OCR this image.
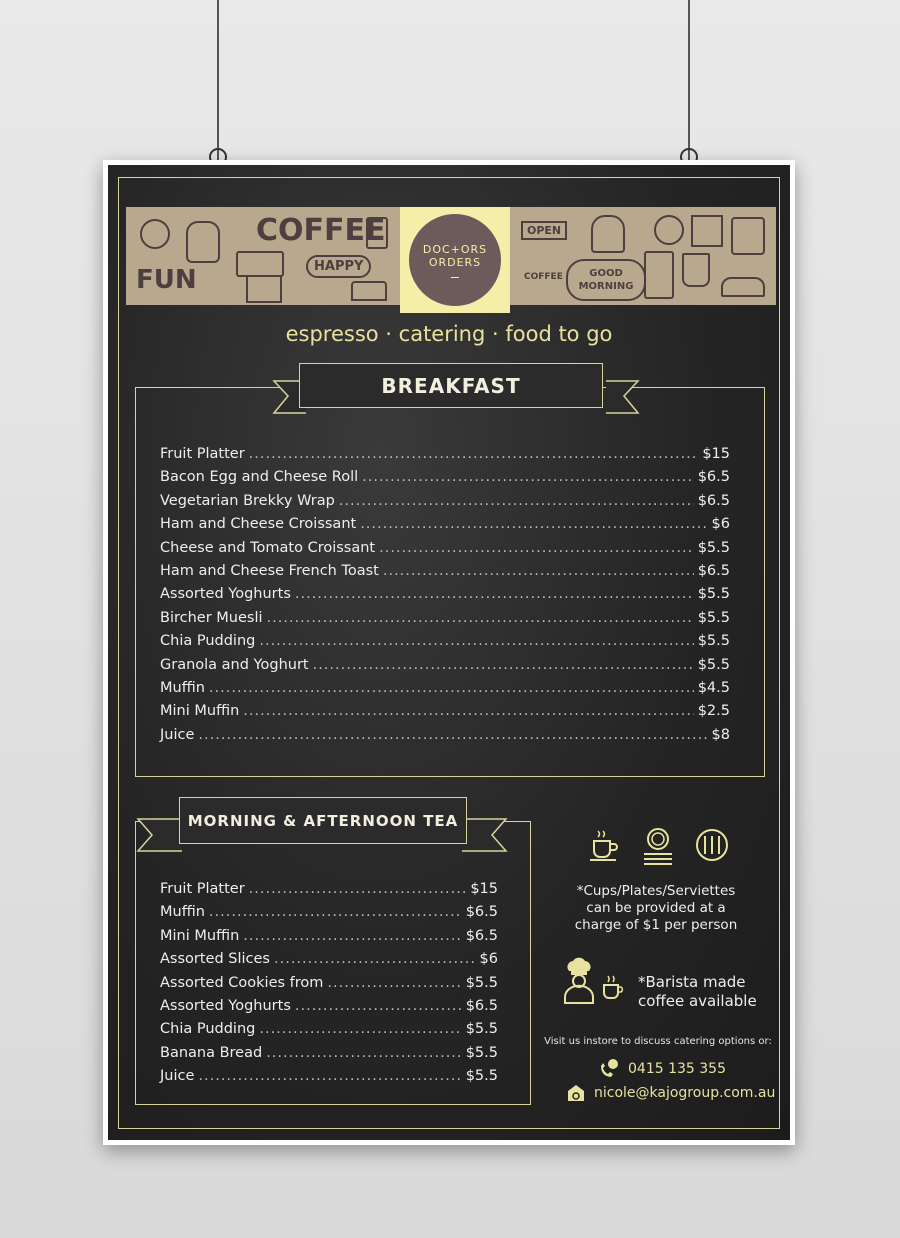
FUN
COFFEE
HAPPY
OPEN
COFFEE	GOOD MORNING
DOC+ORS
ORDERS
espresso · catering · food to go
BREAKFAST
Fruit Platter .....	$15
Bacon Egg and Cheese Roll .....	$6.5
Vegetarian Brekky Wrap .....	$6.5
Ham and Cheese Croissant .....	$6
Cheese and Tomato Croissant .....	$5.5
Ham and Cheese French Toast .....	$6.5
Assorted Yoghurts .....	$5.5
Bircher Muesli .....	$5.5
Chia Pudding .....	$5.5
Granola and Yoghurt .....	$5.5
Muffin .....	$4.5
Mini Muffin .....	$2.5
Juice .....	$8
MORNING & AFTERNOON TEA
Fruit Platter .....	$15
Muffin .....	$6.5
Mini Muffin .....	$6.5
Assorted Slices .....	$6
Assorted Cookies from .....	$5.5
Assorted Yoghurts .....	$6.5
Chia Pudding .....	$5.5
Banana Bread .....	$5.5
Juice .....	$5.5
*Cups/Plates/Serviettes
can be provided at a
charge of $1 per person
*Barista made
coffee available
Visit us instore to discuss catering options or:
0415 135 355
nicole@kajogroup.com.au
